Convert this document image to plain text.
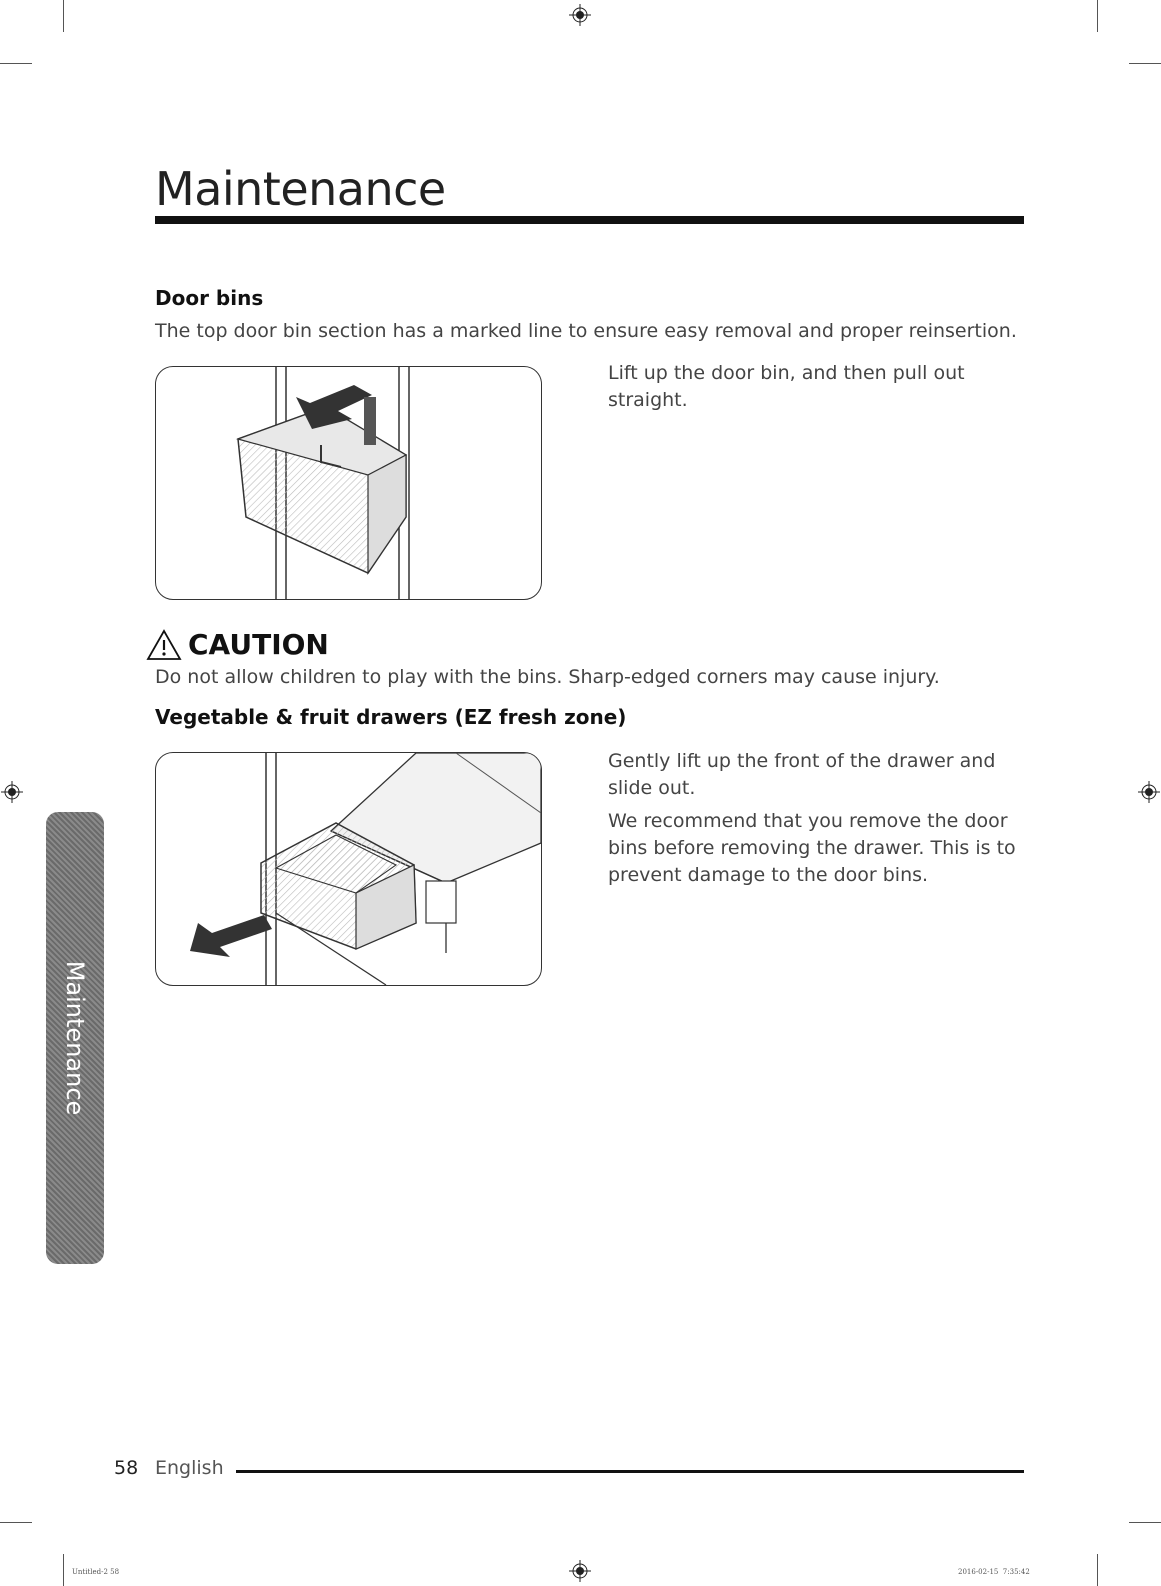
Maintenance
Door bins
The top door bin section has a marked line to ensure easy removal and proper reinsertion.
Lift up the door bin, and then pull out straight.
CAUTION
Do not allow children to play with the bins. Sharp-edged corners may cause injury.
Vegetable & fruit drawers (EZ fresh zone)
Gently lift up the front of the drawer and slide out.
We recommend that you remove the door bins before removing the drawer. This is to prevent damage to the door bins.
Maintenance
58 English
Untitled-2 58	2016-02-15 ￼ 7:35:42
